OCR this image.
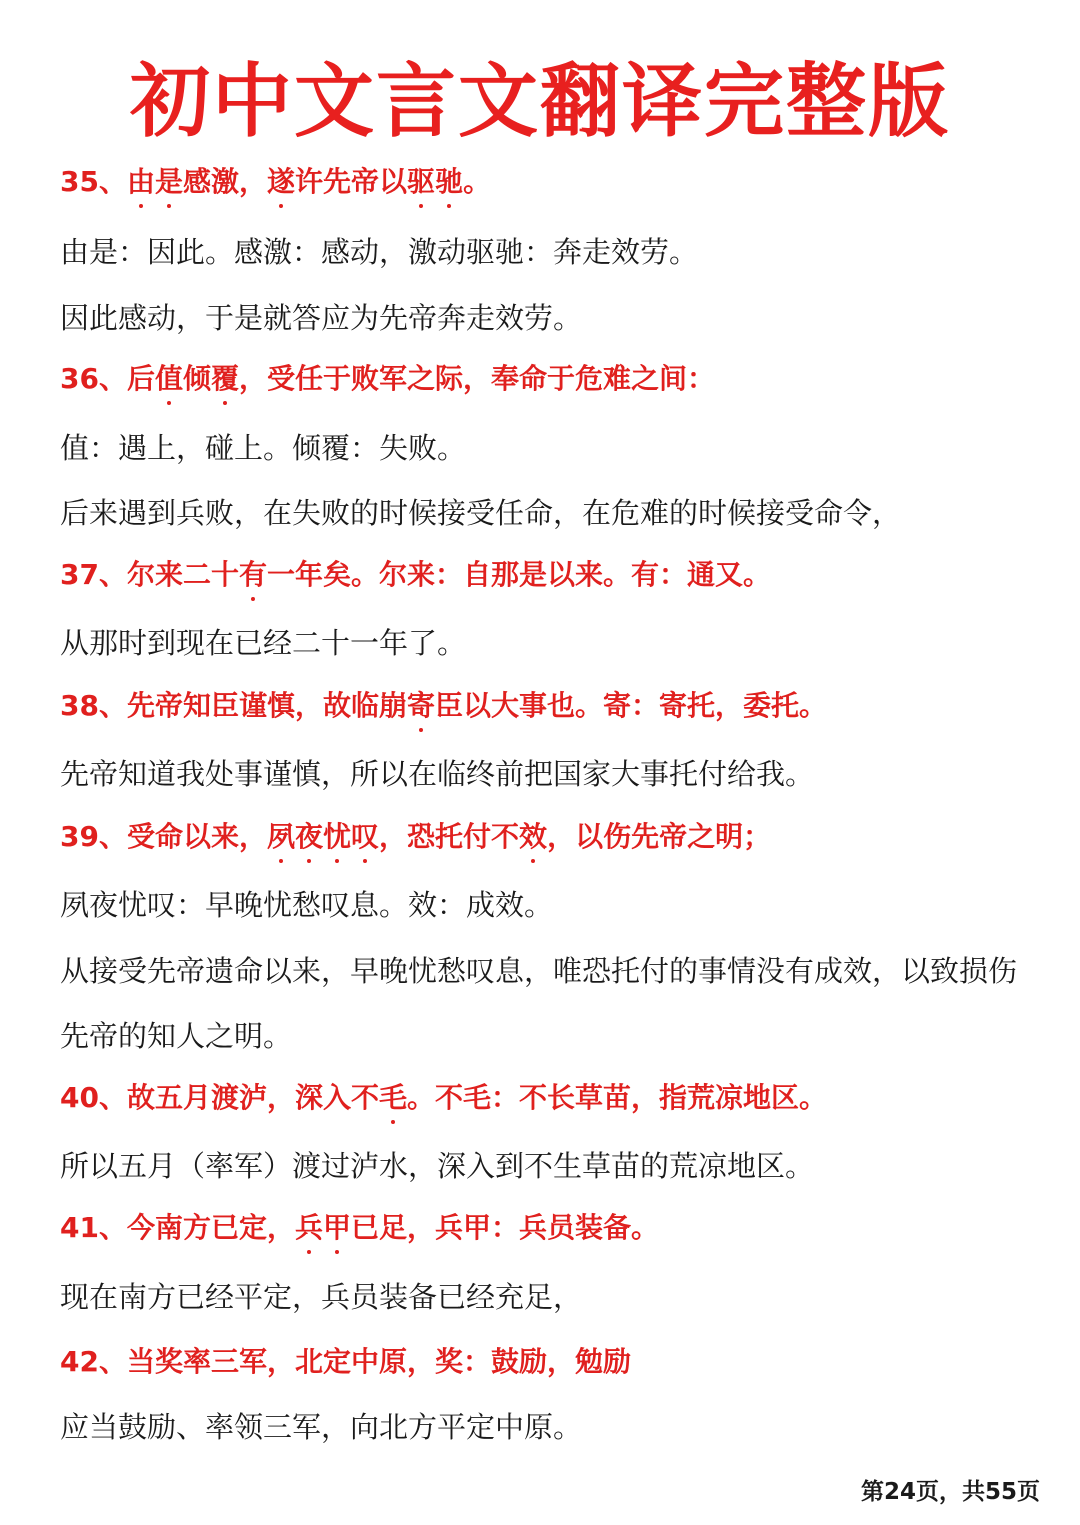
初中文言文翻译完整版
35、由是感激，遂许先帝以驱驰。
由是：因此。感激：感动，激动驱驰：奔走效劳。
因此感动，于是就答应为先帝奔走效劳。
36、后值倾覆，受任于败军之际，奉命于危难之间：
值：遇上，碰上。倾覆：失败。
后来遇到兵败，在失败的时候接受任命，在危难的时候接受命令，
37、尔来二十有一年矣。尔来：自那是以来。有：通又。
从那时到现在已经二十一年了。
38、先帝知臣谨慎，故临崩寄臣以大事也。寄：寄托，委托。
先帝知道我处事谨慎，所以在临终前把国家大事托付给我。
39、受命以来，夙夜忧叹，恐托付不效，以伤先帝之明；
夙夜忧叹：早晚忧愁叹息。效：成效。
从接受先帝遗命以来，早晚忧愁叹息，唯恐托付的事情没有成效，以致损伤
先帝的知人之明。
40、故五月渡泸，深入不毛。不毛：不长草苗，指荒凉地区。
所以五月（率军）渡过泸水，深入到不生草苗的荒凉地区。
41、今南方已定，兵甲已足，兵甲：兵员装备。
现在南方已经平定，兵员装备已经充足，
42、当奖率三军，北定中原，奖：鼓励，勉励
应当鼓励、率领三军，向北方平定中原。
第24页，共55页
